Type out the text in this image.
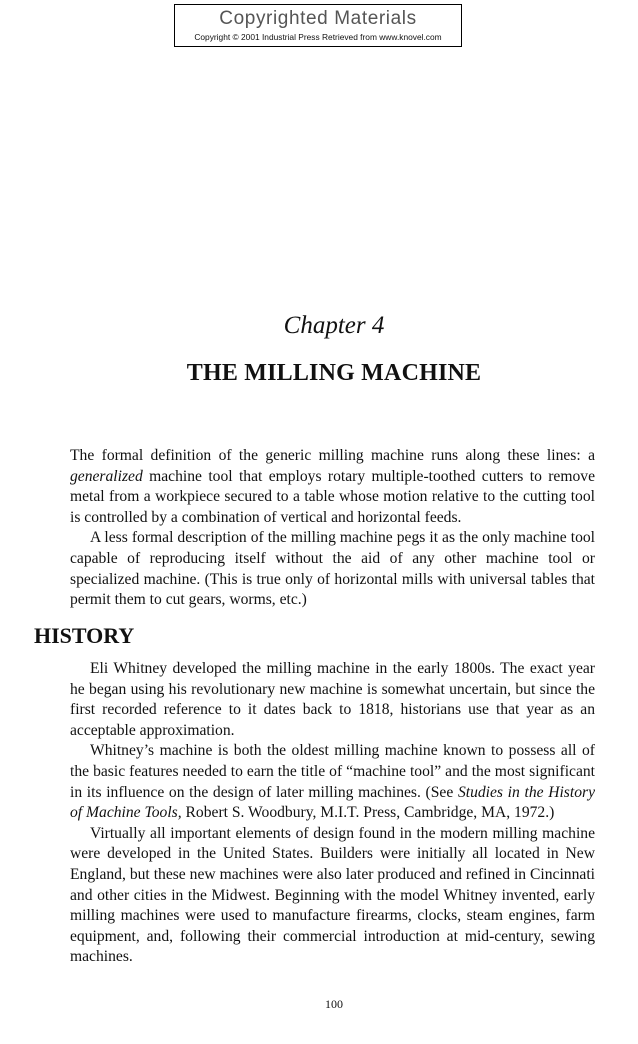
Copyrighted Materials
Copyright © 2001 Industrial Press Retrieved from www.knovel.com
Chapter 4
THE MILLING MACHINE

The formal definition of the generic milling machine runs along these lines: a generalized machine tool that employs rotary multiple-toothed cutters to remove metal from a workpiece secured to a table whose motion relative to the cutting tool is controlled by a combination of vertical and horizontal feeds.

A less formal description of the milling machine pegs it as the only machine tool capable of reproducing itself without the aid of any other machine tool or specialized machine. (This is true only of horizontal mills with universal tables that permit them to cut gears, worms, etc.)

HISTORY

Eli Whitney developed the milling machine in the early 1800s. The exact year he began using his revolutionary new machine is somewhat uncertain, but since the first recorded reference to it dates back to 1818, historians use that year as an acceptable approximation.

Whitney’s machine is both the oldest milling machine known to possess all of the basic features needed to earn the title of “machine tool” and the most significant in its influence on the design of later milling machines. (See Studies in the History of Machine Tools, Robert S. Woodbury, M.I.T. Press, Cambridge, MA, 1972.)

Virtually all important elements of design found in the modern milling machine were developed in the United States. Builders were initially all located in New England, but these new machines were also later produced and refined in Cincinnati and other cities in the Midwest. Beginning with the model Whitney invented, early milling machines were used to manufacture firearms, clocks, steam engines, farm equipment, and, following their commercial introduction at mid-century, sewing machines.

100
